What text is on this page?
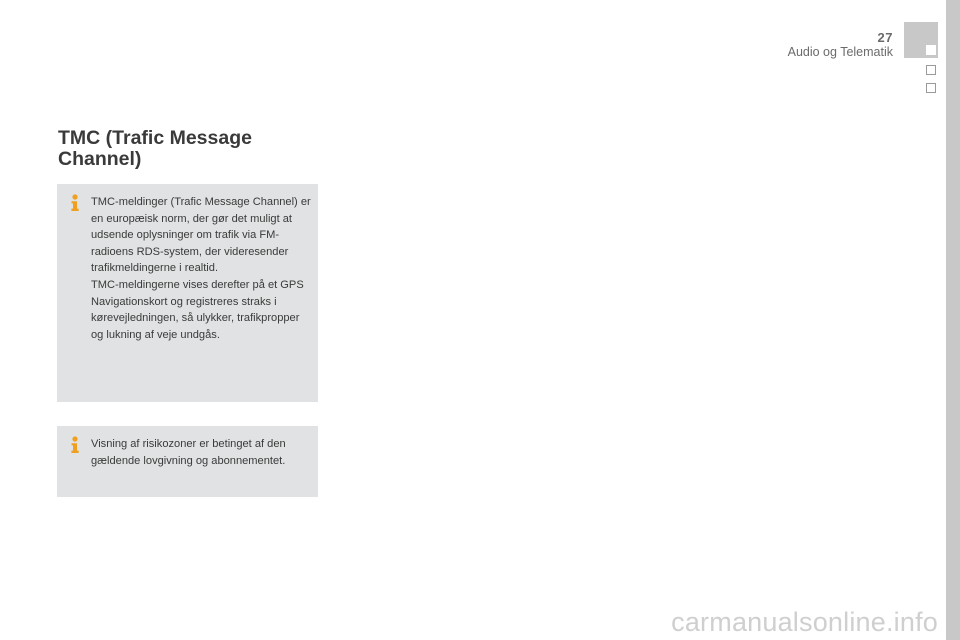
27
Audio og Telematik
TMC (Trafic Message Channel)
TMC-meldinger (Trafic Message Channel) er en europæisk norm, der gør det muligt at udsende oplysninger om trafik via FM-radioens RDS-system, der videresender trafikmeldingerne i realtid.
TMC-meldingerne vises derefter på et GPS Navigationskort og registreres straks i kørevejledningen, så ulykker, trafikpropper og lukning af veje undgås.
Visning af risikozoner er betinget af den gældende lovgivning og abonnementet.
carmanualsonline.info
